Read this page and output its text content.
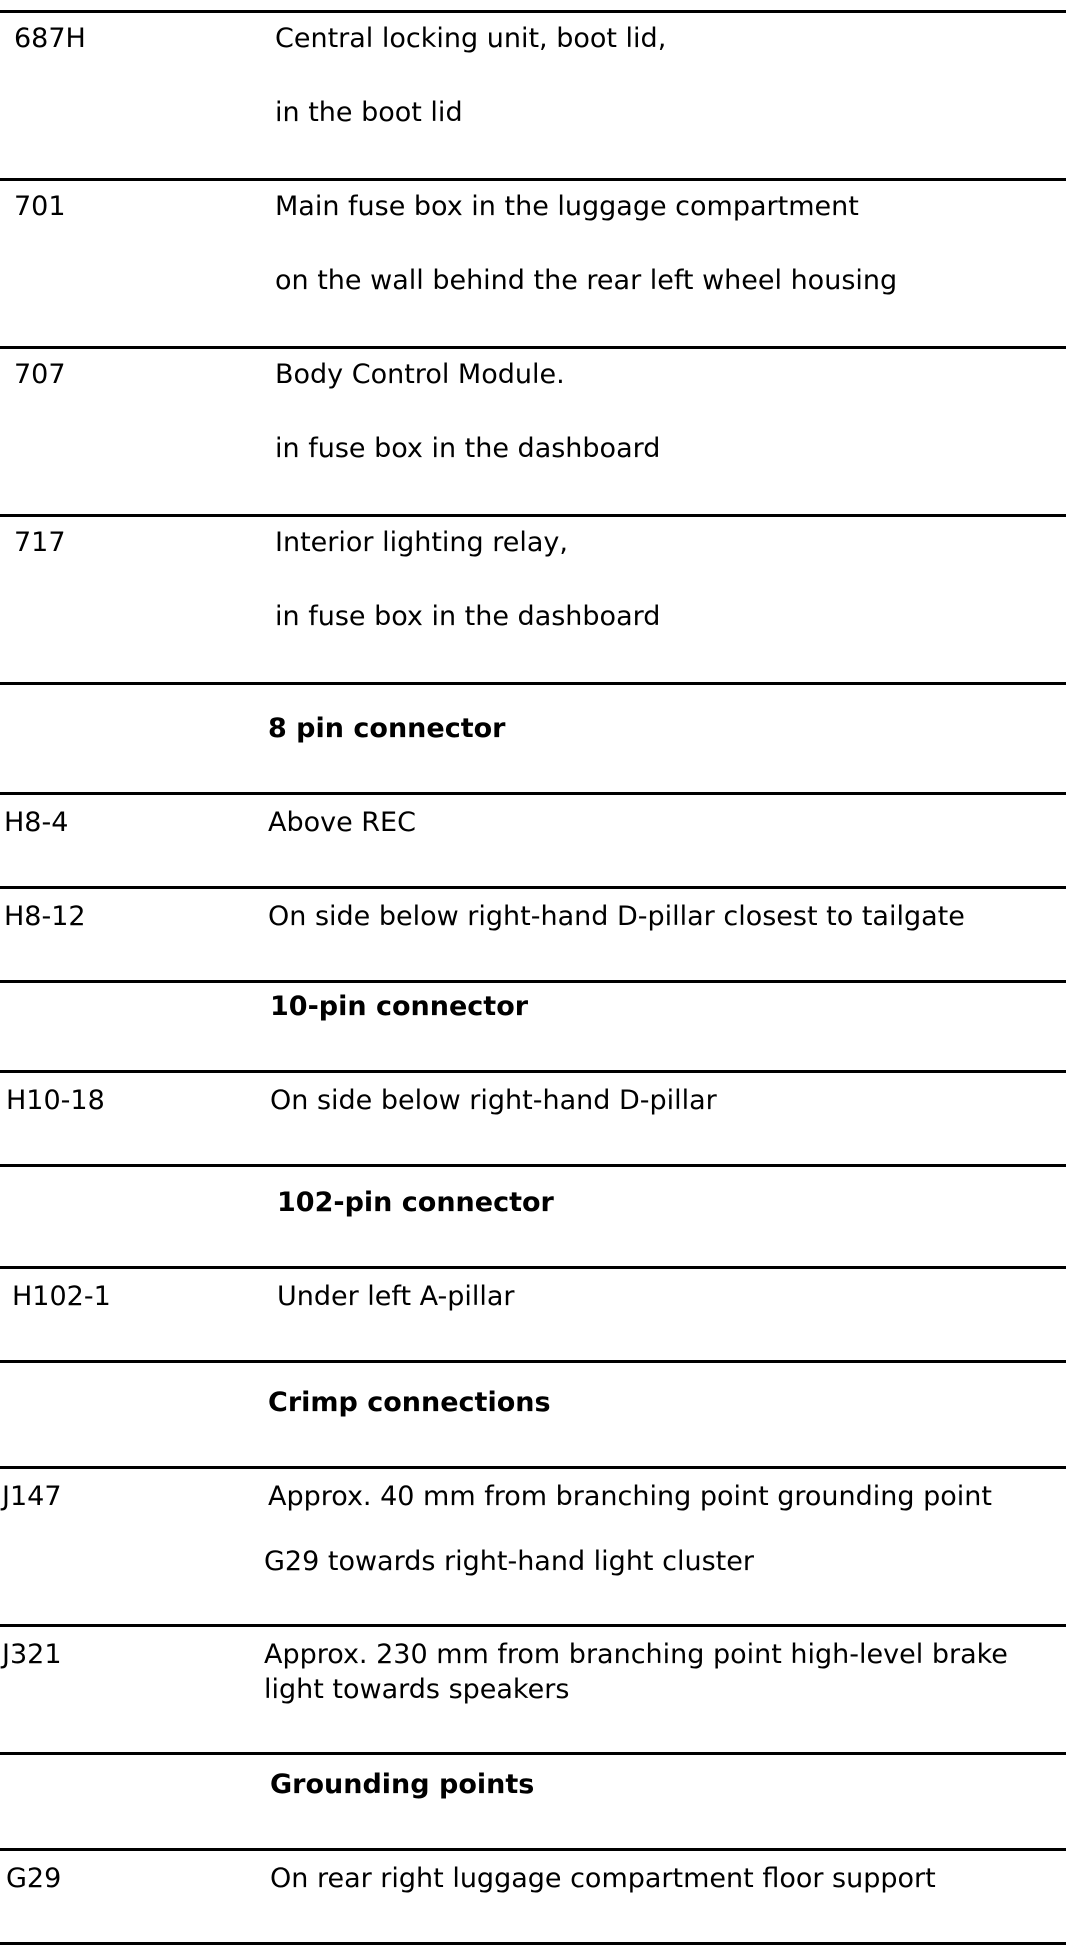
687H	Central locking unit, boot lid,
in the boot lid
701	Main fuse box in the luggage compartment
on the wall behind the rear left wheel housing
707	Body Control Module.
in fuse box in the dashboard
717	Interior lighting relay,
in fuse box in the dashboard
8 pin connector
H8-4	Above REC
H8-12	On side below right-hand D-pillar closest to tailgate
10-pin connector
H10-18	On side below right-hand D-pillar
102-pin connector
H102-1	Under left A-pillar
Crimp connections
J147	Approx. 40 mm from branching point grounding point
G29 towards right-hand light cluster
J321	Approx. 230 mm from branching point high-level brake
light towards speakers
Grounding points
G29	On rear right luggage compartment floor support
